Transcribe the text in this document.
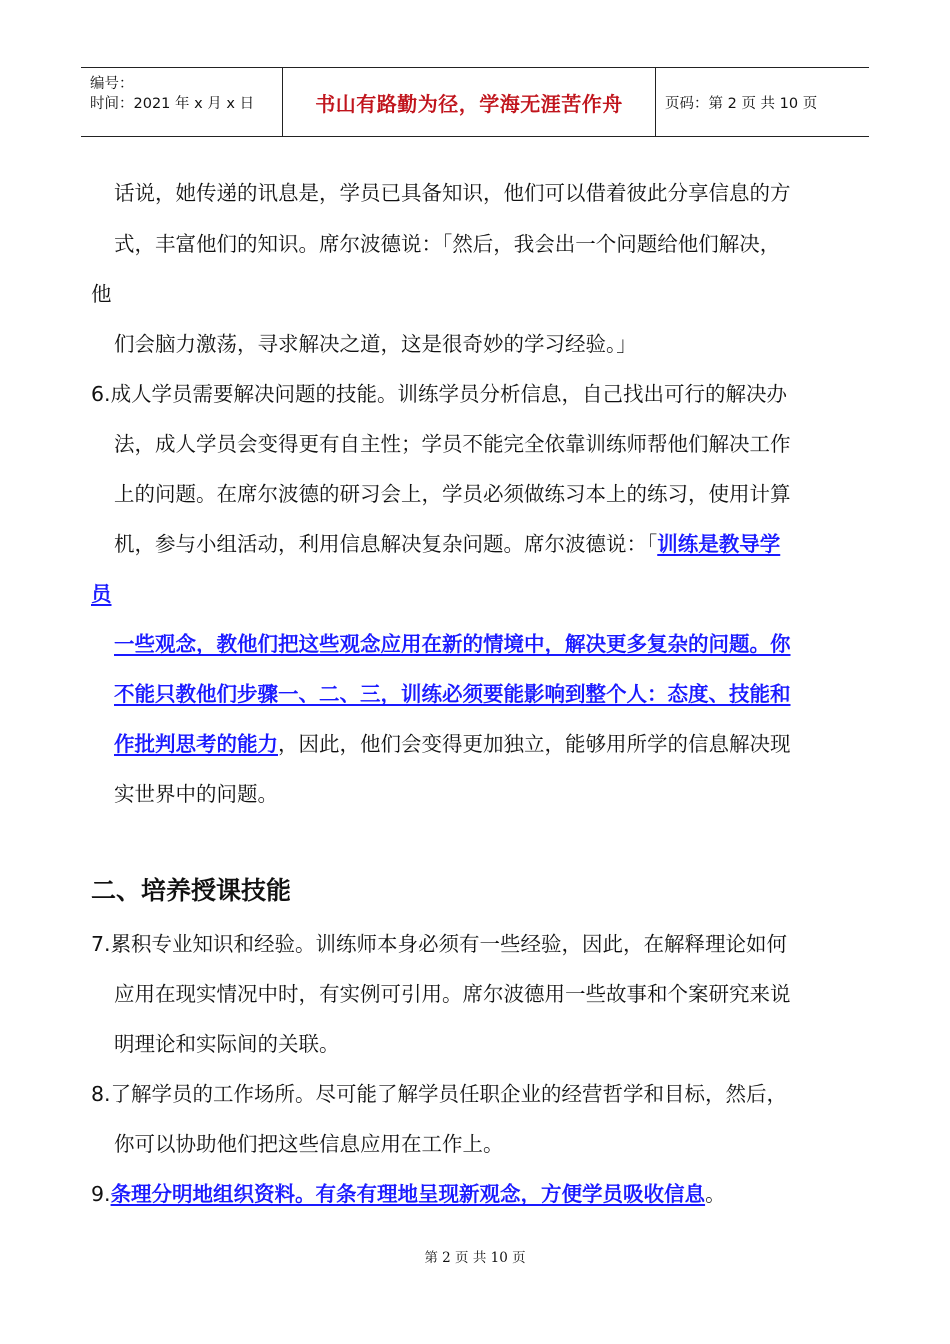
编号：
时间：2021 年 x 月 x 日	书山有路勤为径，学海无涯苦作舟	页码：第 2 页 共 10 页
话说，她传递的讯息是，学员已具备知识，他们可以借着彼此分享信息的方
式，丰富他们的知识。席尔波德说：「然后，我会出一个问题给他们解决，
他
们会脑力激荡，寻求解决之道，这是很奇妙的学习经验。」
6.成人学员需要解决问题的技能。训练学员分析信息，自己找出可行的解决办
法，成人学员会变得更有自主性；学员不能完全依靠训练师帮他们解决工作
上的问题。在席尔波德的研习会上，学员必须做练习本上的练习，使用计算
机，参与小组活动，利用信息解决复杂问题。席尔波德说：「训练是教导学
员
一些观念，教他们把这些观念应用在新的情境中，解决更多复杂的问题。你
不能只教他们步骤一、二、三，训练必须要能影响到整个人：态度、技能和
作批判思考的能力，因此，他们会变得更加独立，能够用所学的信息解决现
实世界中的问题。
二、培养授课技能
7.累积专业知识和经验。训练师本身必须有一些经验，因此，在解释理论如何
应用在现实情况中时，有实例可引用。席尔波德用一些故事和个案研究来说
明理论和实际间的关联。
8.了解学员的工作场所。尽可能了解学员任职企业的经营哲学和目标，然后，
你可以协助他们把这些信息应用在工作上。
9.条理分明地组织资料。有条有理地呈现新观念，方便学员吸收信息。
第 2 页 共 10 页
